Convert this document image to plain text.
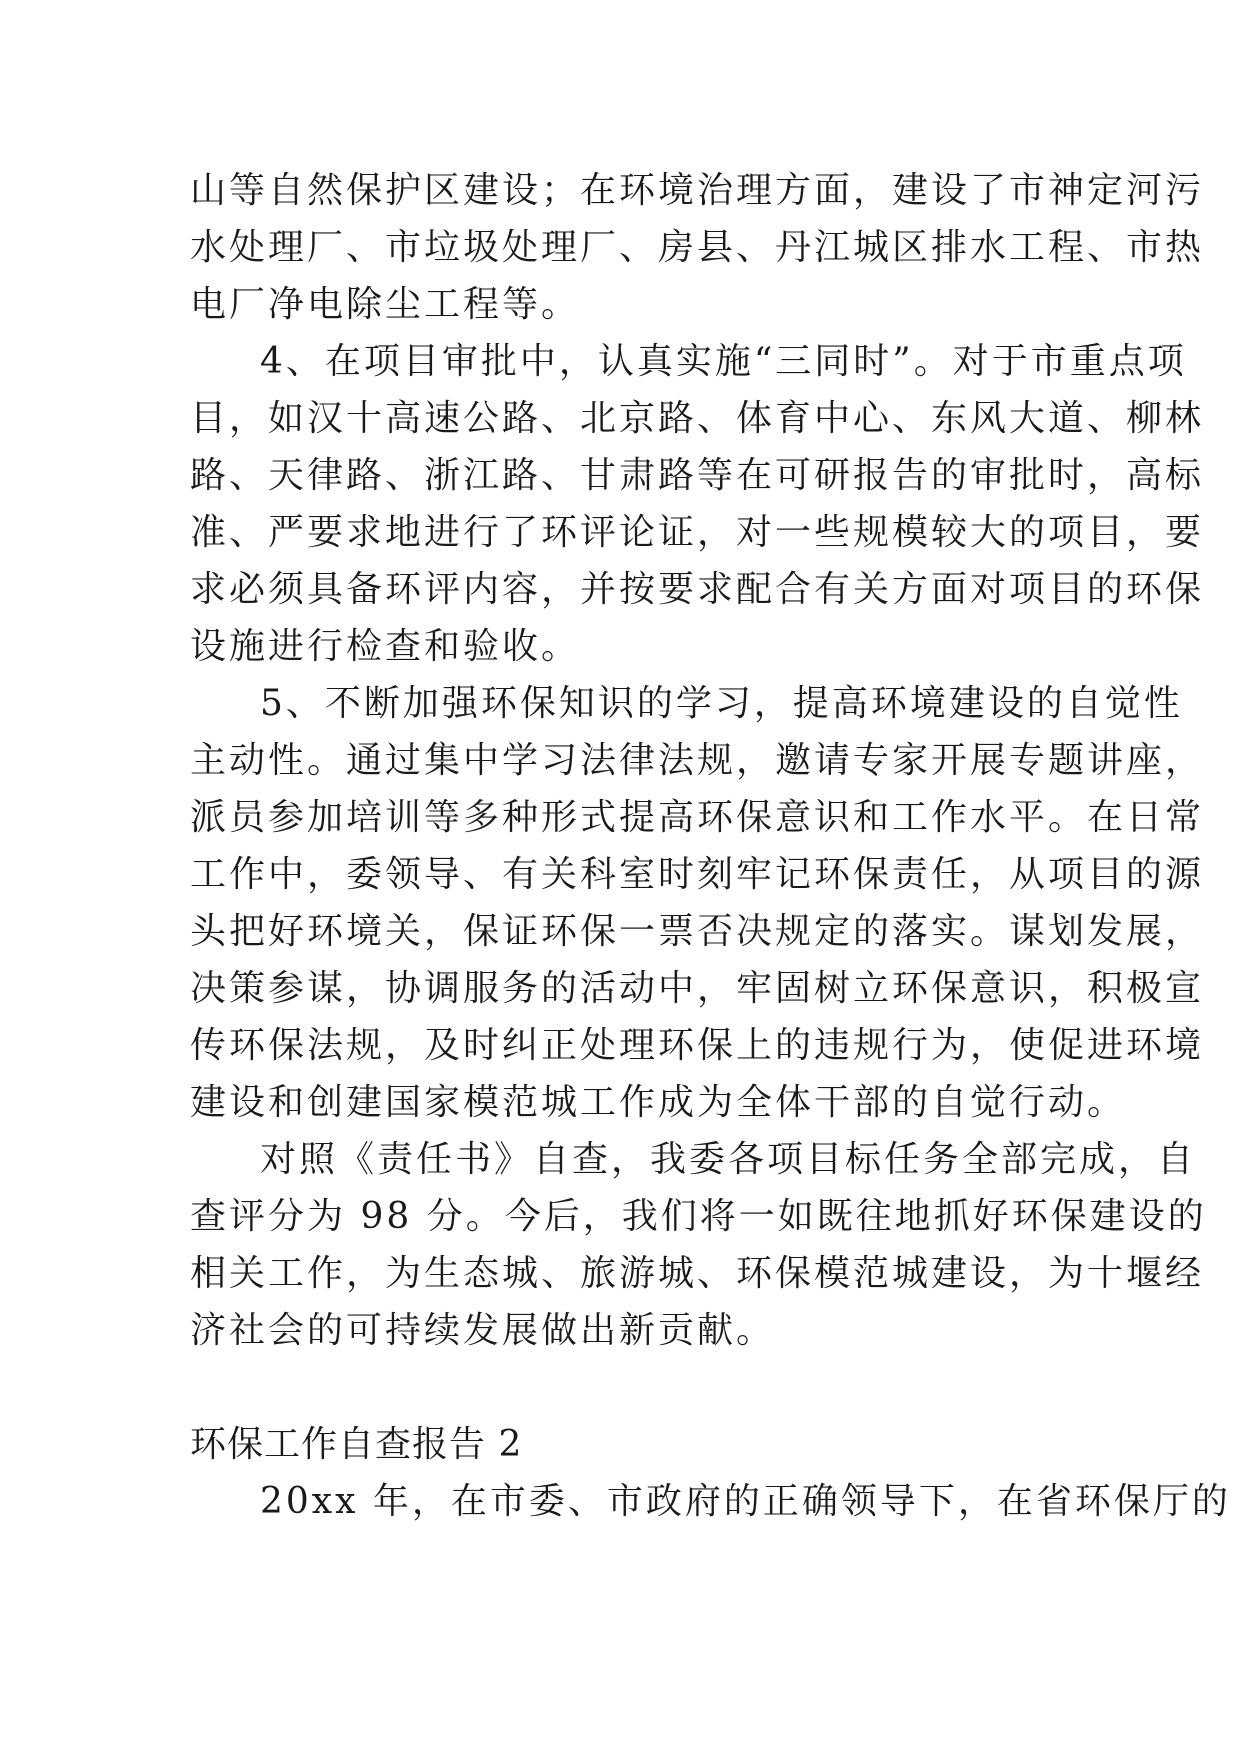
山等自然保护区建设；在环境治理方面，建设了市神定河污
水处理厂、市垃圾处理厂、房县、丹江城区排水工程、市热
电厂净电除尘工程等。
4、在项目审批中，认真实施“三同时”。对于市重点项
目，如汉十高速公路、北京路、体育中心、东风大道、柳林
路、天律路、浙江路、甘肃路等在可研报告的审批时，高标
准、严要求地进行了环评论证，对一些规模较大的项目，要
求必须具备环评内容，并按要求配合有关方面对项目的环保
设施进行检查和验收。
5、不断加强环保知识的学习，提高环境建设的自觉性
主动性。通过集中学习法律法规，邀请专家开展专题讲座，
派员参加培训等多种形式提高环保意识和工作水平。在日常
工作中，委领导、有关科室时刻牢记环保责任，从项目的源
头把好环境关，保证环保一票否决规定的落实。谋划发展，
决策参谋，协调服务的活动中，牢固树立环保意识，积极宣
传环保法规，及时纠正处理环保上的违规行为，使促进环境
建设和创建国家模范城工作成为全体干部的自觉行动。
对照《责任书》自查，我委各项目标任务全部完成，自
查评分为 98 分。今后，我们将一如既往地抓好环保建设的
相关工作，为生态城、旅游城、环保模范城建设，为十堰经
济社会的可持续发展做出新贡献。
环保工作自查报告 2
20xx 年，在市委、市政府的正确领导下，在省环保厅的
